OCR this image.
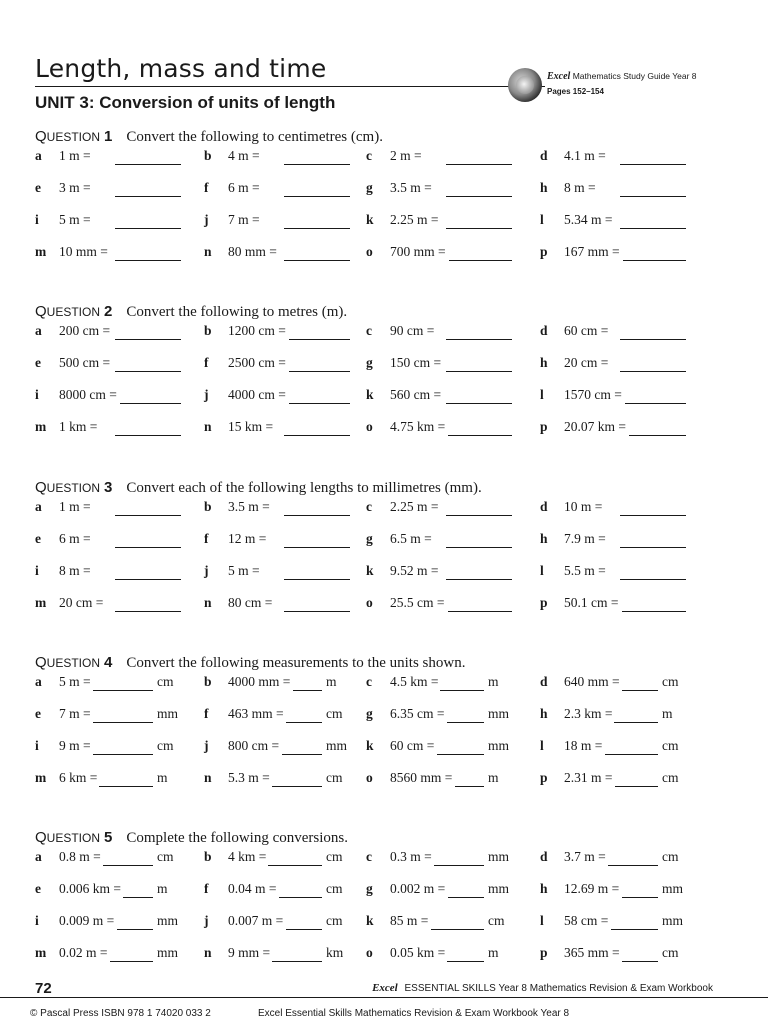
Length, mass and time
UNIT 3: Conversion of units of length
Excel Mathematics Study Guide Year 8
Pages 152–154
QUESTION 1 Convert the following to centimetres (cm).
a 1 m =	b 4 m =	c 2 m =	d 4.1 m =
e 3 m =	f 6 m =	g 3.5 m =	h 8 m =
i 5 m =	j 7 m =	k 2.25 m =	l 5.34 m =
m 10 mm =	n 80 mm =	o 700 mm =	p 167 mm =
QUESTION 2 Convert the following to metres (m).
a 200 cm =	b 1200 cm =	c 90 cm =	d 60 cm =
e 500 cm =	f 2500 cm =	g 150 cm =	h 20 cm =
i 8000 cm =	j 4000 cm =	k 560 cm =	l 1570 cm =
m 1 km =	n 15 km =	o 4.75 km =	p 20.07 km =
QUESTION 3 Convert each of the following lengths to millimetres (mm).
a 1 m =	b 3.5 m =	c 2.25 m =	d 10 m =
e 6 m =	f 12 m =	g 6.5 m =	h 7.9 m =
i 8 m =	j 5 m =	k 9.52 m =	l 5.5 m =
m 20 cm =	n 80 cm =	o 25.5 cm =	p 50.1 cm =
QUESTION 4 Convert the following measurements to the units shown.
a 5 m =	cm b 4000 mm =	m c 4.5 km =	m	d 640 mm =	cm
e 7 m =	mm f 463 mm =	cm g 6.35 cm =	mm h 2.3 km =	m
i 9 m =	cm j 800 cm =	mm k 60 cm =	mm l 18 m =	cm
m 6 km =	m	n 5.3 m =	cm o 8560 mm =	m	p 2.31 m =	cm
QUESTION 5 Complete the following conversions.
a 0.8 m =	cm b 4 km =	cm c 0.3 m =	mm d 3.7 m =	cm
e 0.006 km =	m	f 0.04 m =	cm g 0.002 m =	mm h 12.69 m =	mm
i 0.009 m =	mm j 0.007 m =	cm k 85 m =	cm	l 58 cm =	mm
m 0.02 m =	mm n 9 mm =	km o 0.05 km =	m	p 365 mm =	cm
72	Excel ESSENTIAL SKILLS Year 8 Mathematics Revision & Exam Workbook
© Pascal Press ISBN 978 1 74020 033 2	Excel Essential Skills Mathematics Revision & Exam Workbook Year 8
